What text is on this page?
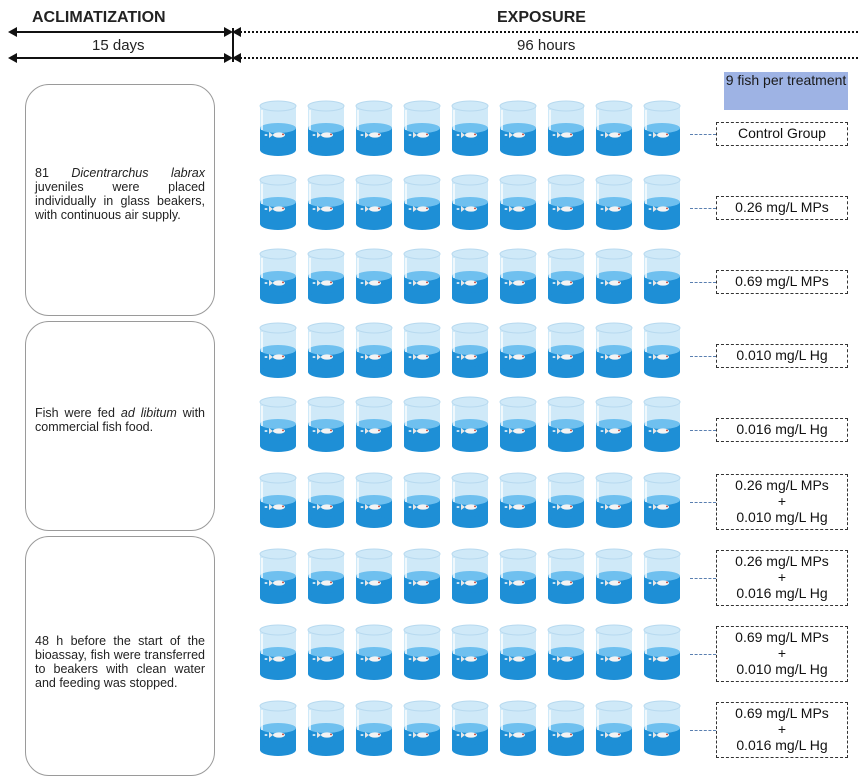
ACLIMATIZATION	EXPOSURE
15 days	96 hours
9 fish per treatment
81 Dicentrarchus labrax juveniles were placed individually in glass beakers, with continuous air supply.
Fish were fed ad libitum with commercial fish food.
48 h before the start of the bioassay, fish were transferred to beakers with clean water and feeding was stopped.
Control Group
0.26 mg/L MPs
0.69 mg/L MPs
0.010 mg/L Hg
0.016 mg/L Hg
0.26 mg/L MPs
+
0.010 mg/L Hg
0.26 mg/L MPs
+
0.016 mg/L Hg
0.69 mg/L MPs
+
0.010 mg/L Hg
0.69 mg/L MPs
+
0.016 mg/L Hg
